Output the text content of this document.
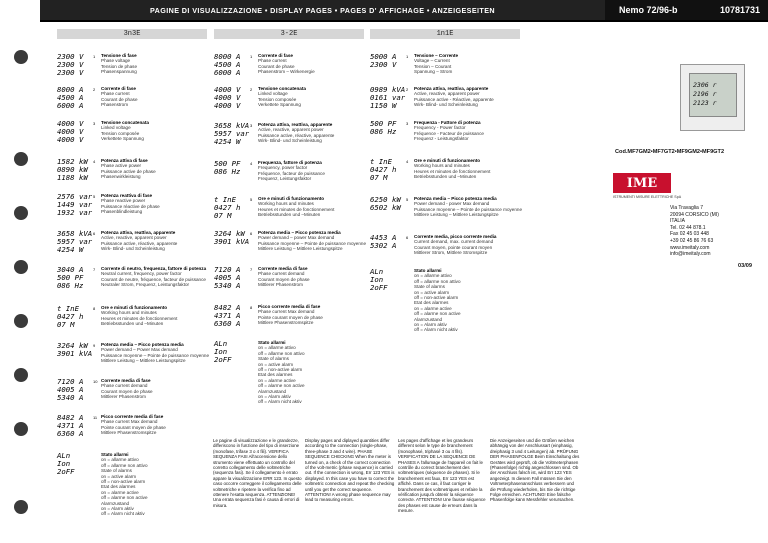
PAGINE DI VISUALIZZAZIONE • DISPLAY PAGES • PAGES D' AFFICHAGE • ANZEIGESEITEN	Nemo 72/96-b	10781731
3n3E	3-2E	1n1E
2300 V
2300 V
2300 V
1	Tensione di fase
Phase voltage
Tension de phase
Phasenspannung
8000 A
4500 A
6000 A
2	Corrente di fase
Phase current
Courant de phase
Phasenstrom
4000 V
4000 V
4000 V
3	Tensione concatenata
Linked voltage
Tension composée
Verkettete Spannung
1582 kW
0890 kW
1188 kW
4	Potenza attiva di fase
Phase active power
Puissance active de phase
Phasenwirkleistung
2576 var
1449 var
1932 var
5	Potenza reattiva di fase
Phase reactive power
Puissance réactive de phase
Phasenblindleistung
3658 kVA
5957 var
4254 W
6	Potenza attiva, reattiva, apparente
Active, reactive, apparent power
Puissance active, réactive, apparente
Wirk- Blind- und Scheinleistung
3040 A
500 PF
086 Hz
7	Corrente di neutro, frequenza, fattore di potenza
Neutral current, frequency, power factor
Courant de neutre, fréquence, facteur de puissance
Neutraler Strom, Frequenz, Leistungsfaktor
t InE
0427 h
07 M
8	Ore e minuti di funzionamento
Working hours and minutes
Heures et minutes de fonctionnement
Betriebsstunden und –Minuten
3264 kW
3901 kVA
9	Potenza media – Picco potenza media
Power demand – Power Max demand
Puissance moyenne – Pointe de puissance moyenne
Mittlere Leistung – Mittlere Leistungspitze
7120 A
4005 A
5340 A
10 Corrente media di fase
Phase current demand
Courant moyen de phase
Mittlerer Phasenstrom
8482 A
4371 A
6360 A
11 Picco corrente media di fase
Phase current Max demand
Pointe courant moyen de phase
Mittlere Phasenstromspitze
ALn
Ion
2oFF
Stato allarmi
on = allarme attivo
off = allarme non attivo
State of alarms
on = active alarm
off = non-active alarm
Etat des alarmes
on = alarme active
off = alarme non active
Alarmzustand
on = Alarm aktiv
off = Alarm nicht aktiv
8000 A
4500 A
6000 A
1	Corrente di fase
Phase current
Courant de phase
Phasenstrom – Wirkenergie
4000 V
4000 V
4000 V
2	Tensione concatenata
Linked voltage
Tension composée
Verkettete Spannung
3658 kVA
5957 var
4254 W
3	Potenza attiva, reattiva, apparente
Active, reactive, apparent power
Puissance active, réactive, apparente
Wirk- Blind- und Scheinleistung
500 PF
086 Hz
4	Frequenza, fattore di potenza
Frequency, power factor
Fréquence, facteur de puissance
Frequenz, Leistungsfaktor
t InE
0427 h
07 M
5	Ore e minuti di funzionamento
Working hours and minutes
Heures et minutes de fonctionnement
Betriebsstunden und –Minuten
3264 kW
3901 kVA
6	Potenza media – Picco potenza media
Power demand – power Max demand
Puissance moyenne – Pointe de puissance moyenne
Mittlere Leistung – Mittlere Leistungspitze
7120 A
4005 A
5340 A
7	Corrente media di fase
Phase current demand
Courant moyen de phase
Mittlerer Phasenstrom
8482 A
4371 A
6360 A
8	Picco corrente media di fase
Phase current Max demand
Pointe courant moyen de phase
Mittlere Phasenstromspitze
ALn
Ion
2oFF
Stato allarmi
on = allarme attivo
off = allarme non attivo
State of alarms
on = active alarm
off = non-active alarm
Etat des alarmes
on = alarme active
off = alarme non active
Alarmzustand
on = Alarm aktiv
off = Alarm nicht aktiv
5000 A
2300 V
1	Tensione – Corrente
Voltage – Current
Tension – Courant
Spannung – Strom
0989 kVA
0161 var
1150 W
2	Potenza attiva, reattiva, apparente
Active, reactive, apparent power
Puissance active - Réactive, apparente
Wirk- Blind- und Scheinleistung
500 PF
086 Hz
3	Frequenza - Fattore di potenza
Frequency - Power factor
Fréquence - Facteur de puissance
Frequenz - Leistungsfaktor
t InE
0427 h
07 M
4	Ore e minuti di funzionamento
Working hours and minutes
Heures et minutes de fonctionnement
Betriebsstunden und –Minuten
6250 kW
6502 kW
5	Potenza media – Picco potenza media
Power demand - power Max demand
Puissance moyenne – Pointe de puissance moyenne
Mittlere Leistung – Mittlere Leistungspitze
4453 A
5302 A
6	Corrente media, picco corrente media
Current demand, max. current demand
Courant moyen, pointe courant moyen
Mittlerer Strom, Mittlere Stromspitze
ALn
Ion
2oFF
Stato allarmi
on = allarme attivo
off = allarme non attivo
State of alarms
on = active alarm
off = non-active alarm
Etat des alarmes
on = alarme active
off = alarme non active
Alarmzustand
on = Alarm aktiv
off = Alarm nicht aktiv
Le pagine di visualizzazione e le grandezze, differiscono in funzione del tipo di inserzione (monofase, trifase 3 o 4 fili). VERIFICA SEQUENZA FASI All'accensione dello strumento viene effettuato un controllo del corretto collegamento delle voltmetriche (sequenza fasi). Se il collegamento è errato appare la visualizzazione ERR 123. In questo caso occorre correggere il collegamento delle voltmetriche e ripetere la verifica fino ad ottenere l'esatta sequenza. ATTENZIONE! Una errata sequenza fasi è causa di errori di misura.
Display pages and diplayed quantities differ according to the connection (single-phase, three-phase 3 and 4 wire). PHASE SEQUENCE CHECKING When the meter is turned on, a check of the correct connection of the volt-metric (phase sequence) is carried out. If the connection is wrong, Err 123 YES is displayed. In this case you have to correct the voltmetric connection and repeat the checking until you get the correct sequence. ATTENTION! A wrong phase sequence may lead to measuring errors.
Les pages d'affichage et les grandeurs different selon le type de branchement (monophasé, triphasé 3 ou 4 fils). VERIFICATION DE LA SEQUENCE DE PHASES A l'allumage de l'appareil on fait le contrôle du correct branchement des voltmetriques (séquence de phases). Si le branchement est faux, Err 123 YES est affiché. Dans ce cas, il faut corriger le branchement des voltmetriques et refaire la vérification jusqu'à obtenir la séquence correcte. ATTENTION! Une fausse séquence des phases est cause de erreurs dans la mesure.
Die Anzeigeseiten und die Größen weichen abhängig von der Anschlussart (einphasig, dreiphasig 3 und 4 Leitungen) ab. PRÜFUNG DER PHASENFOLGE Beim Einschaltung des Gerätes wird geprüft, ob die Voltmeterphasen (Phasenfolge) richtig angeschlossen sind. Ob der Anschluss falsch ist, wird Err 123 YES angezeigt. In diesem Fall müssen Sie den Voltmeterphasenanschluss verbessern und die Prüfung wiederholen, bis Sie die richtige Folge erreichen. ACHTUNG! Eine falsche Phasenfolge kann Messfehler verursachen.
2306 r
2196 r
2123 r
Cod.MF7GM2•MF7GT2•MF9GM2•MF9GT2
IME
ISTRUMENTI MISURE ELETTRICHE SpA
Via Travaglia 7
20094 CORSICO (MI)
ITALIA
Tel. 02 44 878.1
Fax 02 45 03 448
+39 02 45 86 76 63
www.imeitaly.com
info@imeitaly.com
03/09
